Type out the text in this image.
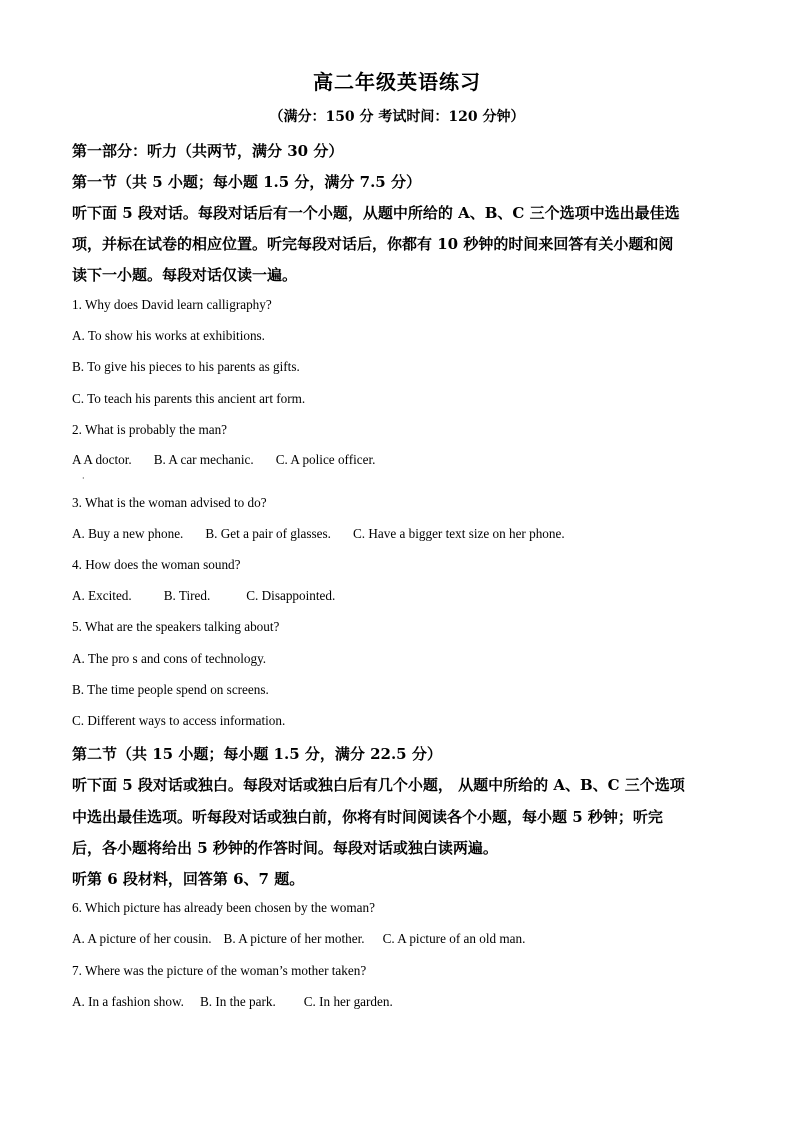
高二年级英语练习
（满分：150 分 考试时间：120 分钟）
第一部分：听力（共两节，满分 30 分）
第一节（共 5 小题；每小题 1.5 分，满分 7.5 分）
听下面 5 段对话。每段对话后有一个小题，从题中所给的 A、B、C 三个选项中选出最佳选
项，并标在试卷的相应位置。听完每段对话后，你都有 10 秒钟的时间来回答有关小题和阅
读下一小题。每段对话仅读一遍。
1. Why does David learn calligraphy?
A. To show his works at exhibitions.
B. To give his pieces to his parents as gifts.
C. To teach his parents this ancient art form.
2. What is probably the man?
A A doctor. B. A car mechanic. C. A police officer.
·
3. What is the woman advised to do?
A. Buy a new phone. B. Get a pair of glasses. C. Have a bigger text size on her phone.
4. How does the woman sound?
A. Excited. B. Tired.	C. Disappointed.
5. What are the speakers talking about?
A. The pro s and cons of technology.
B. The time people spend on screens.
C. Different ways to access information.
第二节（共 15 小题；每小题 1.5 分，满分 22.5 分）
听下面 5 段对话或独白。每段对话或独白后有几个小题， 从题中所给的 A、B、C 三个选项
中选出最佳选项。听每段对话或独白前，你将有时间阅读各个小题，每小题 5 秒钟；听完
后，各小题将给出 5 秒钟的作答时间。每段对话或独白读两遍。
听第 6 段材料，回答第 6、7 题。
6. Which picture has already been chosen by the woman?
A. A picture of her cousin. B. A picture of her mother. C. A picture of an old man.
7. Where was the picture of the woman’s mother taken?
A. In a fashion show. B. In the park. C. In her garden.
